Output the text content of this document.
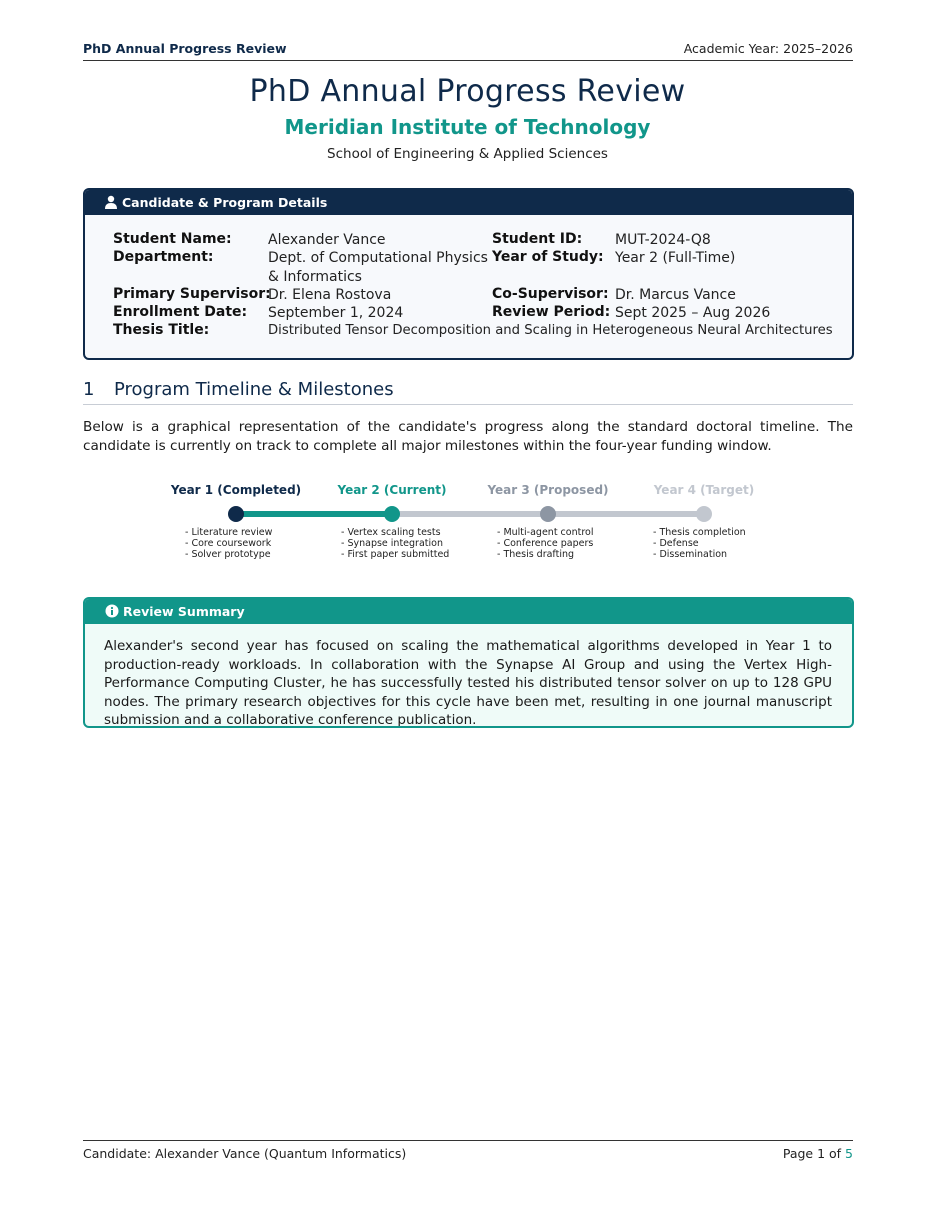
PhD Annual Progress Review	Academic Year: 2025–2026
PhD Annual Progress Review
Meridian Institute of Technology
School of Engineering & Applied Sciences
Candidate & Program Details
Student Name:	Alexander Vance	Student ID: MUT-2024-Q8
Department:	Dept. of Computational Physics
& Informatics
Year of Study: Year 2 (Full-Time)
Primary Supervisor:
Dr. Elena Rostova	Co-Supervisor: Dr. Marcus Vance
Enrollment Date: September 1, 2024	Review Period: Sept 2025 – Aug 2026
Thesis Title:	Distributed Tensor Decomposition and Scaling in Heterogeneous Neural Architectures
1 Program Timeline & Milestones
Below is a graphical representation of the candidate's progress along the standard doctoral timeline. The candidate is currently on track to complete all major milestones within the four-year funding window.
Year 1 (Completed)	Year 2 (Current)	Year 3 (Proposed)	Year 4 (Target)
- Literature review
- Core coursework
- Solver prototype
- Vertex scaling tests
- Synapse integration
- First paper submitted
- Multi-agent control
- Conference papers
- Thesis drafting
- Thesis completion
- Defense
- Dissemination
Review Summary
Alexander's second year has focused on scaling the mathematical algorithms developed in Year 1 to production-ready workloads. In collaboration with the Synapse AI Group and using the Vertex High-Performance Computing Cluster, he has successfully tested his distributed tensor solver on up to 128 GPU nodes. The primary research objectives for this cycle have been met, resulting in one journal manuscript submission and a collaborative conference publication.
Candidate: Alexander Vance (Quantum Informatics)	Page 1 of 5
